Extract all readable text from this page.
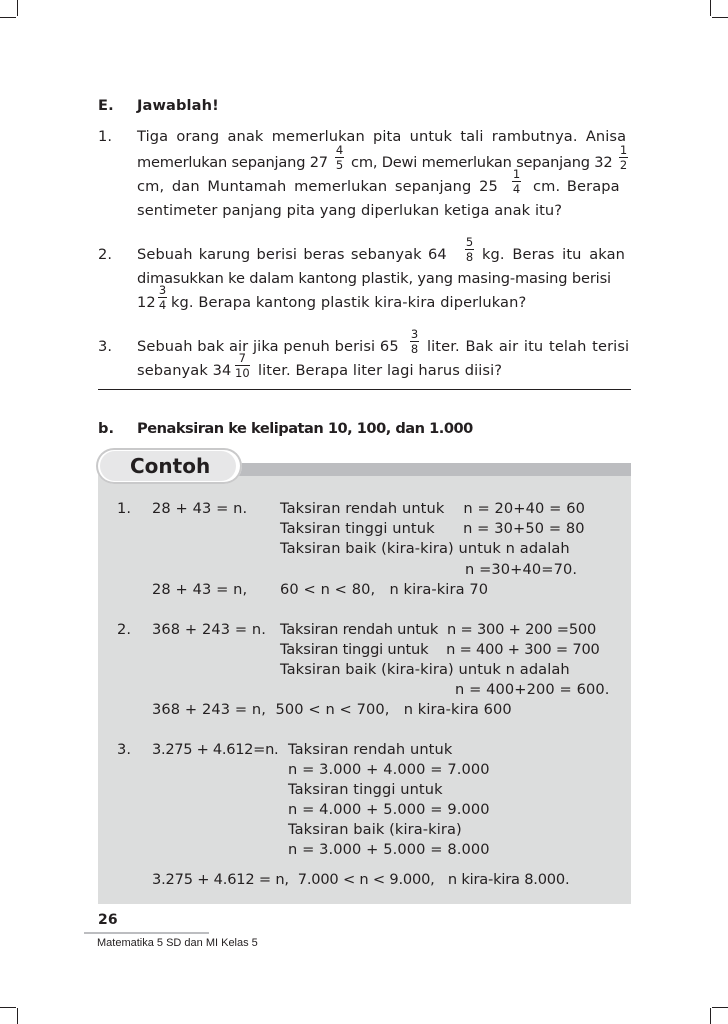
E. Jawablah!
1. Tiga orang anak memerlukan pita untuk tali rambutnya. Anisa
memerlukan sepanjang 27
4
5 cm, Dewi memerlukan sepanjang 32
1
2
cm, dan Muntamah memerlukan sepanjang 25
1
4 cm. Berapa
sentimeter panjang pita yang diperlukan ketiga anak itu?
2. Sebuah karung berisi beras sebanyak 64
5
8 kg. Beras itu akan
dimasukkan ke dalam kantong plastik, yang masing-masing berisi
12
3
4 kg. Berapa kantong plastik kira-kira diperlukan?
3. Sebuah bak air jika penuh berisi 65
3
8 liter. Bak air itu telah terisi
sebanyak 34
7
10 liter. Berapa liter lagi harus diisi?
b. Penaksiran ke kelipatan 10, 100, dan 1.000
Contoh
1. 28 + 43 = n. Taksiran rendah untuk    n = 20+40 = 60
Taksiran tinggi untuk      n = 30+50 = 80
Taksiran baik (kira-kira) untuk n adalah
n =30+40=70.
28 + 43 = n, 60 < n < 80,   n kira-kira 70
2. 368 + 243 = n. Taksiran rendah untuk  n = 300 + 200 =500
Taksiran tinggi untuk    n = 400 + 300 = 700
Taksiran baik (kira-kira) untuk n adalah
n = 400+200 = 600.
368 + 243 = n,  500 < n < 700,   n kira-kira 600
3. 3.275 + 4.612=n. Taksiran rendah untuk
n = 3.000 + 4.000 = 7.000
Taksiran tinggi untuk
n = 4.000 + 5.000 = 9.000
Taksiran baik (kira-kira)
n = 3.000 + 5.000 = 8.000
3.275 + 4.612 = n,  7.000 < n < 9.000,   n kira-kira 8.000.
26
Matematika 5 SD dan MI Kelas 5
